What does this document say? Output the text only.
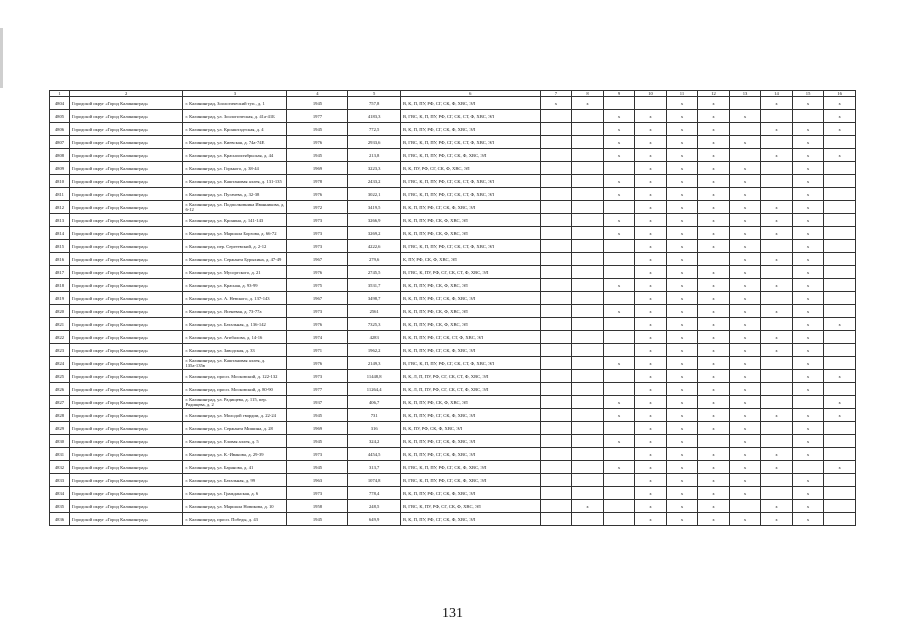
1	2	3	4	5	6	7	8	9	10	11	12	13	14	15	16
4804	Городской округ «Город Калининград»	г. Калининград, Зоологический туп., д. 1	1945	757,8	В, К, П, ПУ, РФ, СГ, СК, Ф, ХВС, ЭЛ	x	x			x	x		x	x	x
4805	Городской округ «Город Калининград»	г. Калининград, ул. Зоологическая, д. 41а-41Б	1977	4183,3	В, ГВС, К, П, ПУ, РФ, СГ, СК, СТ, Ф, ХВС, ЭЛ			x	x	x	x	x			x
4806	Городской округ «Город Калининград»	г. Калининград, ул. Кронштадтская, д. 4	1945	772,5	В, К, П, ПУ, РФ, СГ, СК, Ф, ХВС, ЭЛ			x	x	x	x		x	x	x
4807	Городской округ «Город Калининград»	г. Калининград, ул. Киевская, д. 74а-74Е	1976	2933,6	В, ГВС, К, П, ПУ, РФ, СГ, СК, СТ, Ф, ХВС, ЭЛ			x	x	x	x	x		x	
4808	Городской округ «Город Калининград»	г. Калининград, ул. Краснооктябрьская, д. 44	1945	213,8	В, ГВС, К, П, ПУ, РФ, СГ, СК, Ф, ХВС, ЭЛ			x	x	x	x		x	x	x
4809	Городской округ «Город Калининград»	г. Калининград, ул. Горького, д. 38-44	1969	3223,3	В, К, ПУ, РФ, СГ, СК, Ф, ХВС, ЭЛ				x	x	x	x		x	
4810	Городской округ «Город Калининград»	г. Калининград, ул. Каштановая аллея, д. 131-135	1978	2433,2	В, ГВС, К, П, ПУ, РФ, СГ, СК, СТ, Ф, ХВС, ЭЛ			x	x	x	x	x		x	
4811	Городской округ «Город Калининград»	г. Калининград, ул. Пугачева, д. 32-38	1976	3022,1	В, ГВС, К, П, ПУ, РФ, СГ, СК, СТ, Ф, ХВС, ЭЛ			x	x	x	x	x		x	
4812	Городской округ «Город Калининград»	г. Калининград, ул. Подполковника Иванникова, д. 6-12	1972	3419,5	В, К, П, ПУ, РФ, СГ, СК, Ф, ХВС, ЭЛ				x	x	x	x	x	x	
4813	Городской округ «Город Калининград»	г. Калининград, ул. Кронина, д. 141-143	1973	3266,9	В, К, П, ПУ, РФ, СК, Ф, ХВС, ЭЛ			x	x	x	x	x	x	x	
4814	Городской округ «Город Калининград»	г. Калининград, ул. Маршала Борзова, д. 66-72	1973	3269,2	В, К, П, ПУ, РФ, СК, Ф, ХВС, ЭЛ			x	x	x	x	x	x	x	
4815	Городской округ «Город Калининград»	г. Калининград, пер. Сергеевский, д. 2-12	1973	4222,6	В, ГВС, К, П, ПУ, РФ, СГ, СК, СТ, Ф, ХВС, ЭЛ				x	x	x	x		x	
4816	Городской округ «Город Калининград»	г. Калининград, ул. Сержанта Бурыхина, д. 47-49	1967	279,6	К, ПУ, РФ, СК, Ф, ХВС, ЭЛ				x	x		x	x	x	
4817	Городской округ «Город Калининград»	г. Калининград, ул. Мусоргского, д. 21	1976	2745,5	В, ГВС, К, ПУ, РФ, СГ, СК, СТ, Ф, ХВС, ЭЛ				x	x	x	x		x	
4818	Городской округ «Город Калининград»	г. Калининград, ул. Красная, д. 93-99	1975	3531,7	В, К, П, ПУ, РФ, СК, Ф, ХВС, ЭЛ			x	x	x	x	x	x	x	
4819	Городской округ «Город Калининград»	г. Калининград, ул. А. Невского, д. 137-143	1967	3498,7	В, К, П, ПУ, РФ, СГ, СК, Ф, ХВС, ЭЛ				x	x	x	x		x	
4820	Городской округ «Город Калининград»	г. Калининград, ул. Ясеневая, д. 73-77а	1973	2561	В, К, П, ПУ, РФ, СК, Ф, ХВС, ЭЛ			x	x	x	x	x	x	x	
4821	Городской округ «Город Калининград»	г. Калининград, ул. Батальная, д. 136-142	1976	7325,3	В, К, П, ПУ, РФ, СК, Ф, ХВС, ЭЛ				x	x	x	x		x	x
4822	Городской округ «Город Калининград»	г. Калининград, ул. Агибалова, д. 14-16	1974	4283	В, К, П, ПУ, РФ, СГ, СК, СТ, Ф, ХВС, ЭЛ				x	x	x	x	x	x	
4823	Городской округ «Город Калининград»	г. Калининград, ул. Заводская, д. 33	1971	1962,2	В, К, П, ПУ, РФ, СГ, СК, Ф, ХВС, ЭЛ				x	x	x	x	x	x	
4824	Городской округ «Город Калининград»	г. Калининград, ул. Каштановая аллея, д. 135а-135в	1976	2149,3	В, ГВС, К, П, ПУ, РФ, СГ, СК, СТ, Ф, ХВС, ЭЛ			x	x	x	x	x		x	
4825	Городской округ «Город Калининград»	г. Калининград, просп. Московский, д. 122-132	1973	11448,8	В, К, Л, П, ПУ, РФ, СГ, СК, СТ, Ф, ХВС, ЭЛ				x	x	x	x		x	x
4826	Городской округ «Город Калининград»	г. Калининград, просп. Московский, д. 80-90	1977	11264,4	В, К, Л, П, ПУ, РФ, СГ, СК, СТ, Ф, ХВС, ЭЛ				x	x	x	x		x	
4827	Городской округ «Город Калининград»	г. Калининград, ул. Радищева, д. 115, пер. Радищева, д. 2	1937	406,7	В, К, П, ПУ, РФ, СК, Ф, ХВС, ЭЛ			x	x	x	x	x			x
4828	Городской округ «Город Калининград»	г. Калининград, ул. Молодой гвардии, д. 22-24	1945	731	В, К, П, ПУ, РФ, СГ, СК, Ф, ХВС, ЭЛ			x	x	x	x	x	x	x	x
4829	Городской округ «Город Калининград»	г. Калининград, ул. Сержанта Мишина, д. 28	1969	316	В, К, ПУ, РФ, СК, Ф, ХВС, ЭЛ				x	x	x	x		x	
4830	Городской округ «Город Калининград»	г. Калининград, ул. Еловая аллея, д. 5	1945	324,2	В, К, П, ПУ, РФ, СГ, СК, Ф, ХВС, ЭЛ			x	x	x		x		x	
4831	Городской округ «Город Калининград»	г. Калининград, ул. К.-Иванова, д. 29-39	1973	4454,5	В, К, П, ПУ, РФ, СГ, СК, Ф, ХВС, ЭЛ				x	x	x	x	x	x	
4832	Городской округ «Город Калининград»	г. Калининград, ул. Баранова, д. 41	1945	313,7	В, ГВС, К, П, ПУ, РФ, СГ, СК, Ф, ХВС, ЭЛ			x	x	x	x	x	x		x
4833	Городской округ «Город Калининград»	г. Калининград, ул. Батальная, д. 99	1963	1074,8	В, ГВС, К, П, ПУ, РФ, СГ, СК, Ф, ХВС, ЭЛ				x	x	x	x		x	
4834	Городской округ «Город Калининград»	г. Калининград, ул. Гражданская, д. 6	1973	778,4	В, К, П, ПУ, РФ, СГ, СК, Ф, ХВС, ЭЛ				x	x	x	x		x	
4835	Городской округ «Город Калининград»	г. Калининград, ул. Маршала Новикова, д. 10	1958	248,5	В, ГВС, К, ПУ, РФ, СГ, СК, Ф, ХВС, ЭЛ		x		x	x	x		x	x	
4836	Городской округ «Город Калининград»	г. Калининград, просп. Победы, д. 43	1945	649,9	В, К, П, ПУ, РФ, СГ, СК, Ф, ХВС, ЭЛ				x	x	x	x	x	x	
131
